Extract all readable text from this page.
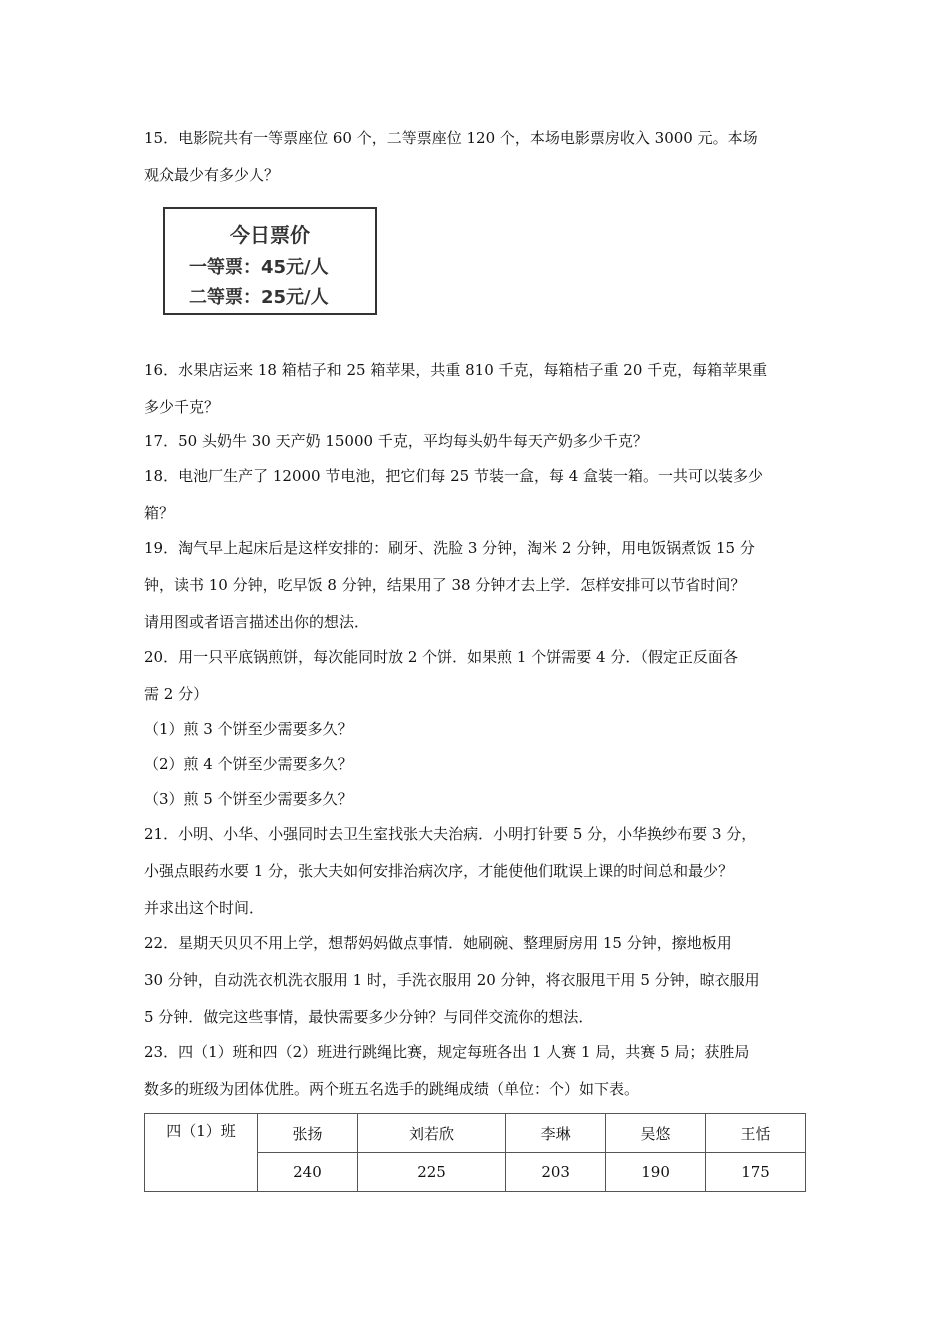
15．电影院共有一等票座位 60 个，二等票座位 120 个，本场电影票房收入 3000 元。本场
观众最少有多少人？
今日票价
一等票：45元/人
二等票：25元/人
16．水果店运来 18 箱桔子和 25 箱苹果，共重 810 千克，每箱桔子重 20 千克，每箱苹果重
多少千克？
17．50 头奶牛 30 天产奶 15000 千克，平均每头奶牛每天产奶多少千克？
18．电池厂生产了 12000 节电池，把它们每 25 节装一盒，每 4 盒装一箱。一共可以装多少
箱？
19．淘气早上起床后是这样安排的：刷牙、洗脸 3 分钟，淘米 2 分钟，用电饭锅煮饭 15 分
钟，读书 10 分钟，吃早饭 8 分钟，结果用了 38 分钟才去上学．怎样安排可以节省时间？
请用图或者语言描述出你的想法．
20．用一只平底锅煎饼，每次能同时放 2 个饼．如果煎 1 个饼需要 4 分．（假定正反面各
需 2 分）
（1）煎 3 个饼至少需要多久？
（2）煎 4 个饼至少需要多久？
（3）煎 5 个饼至少需要多久？
21．小明、小华、小强同时去卫生室找张大夫治病．小明打针要 5 分，小华换纱布要 3 分，
小强点眼药水要 1 分，张大夫如何安排治病次序，才能使他们耽误上课的时间总和最少？
并求出这个时间．
22．星期天贝贝不用上学，想帮妈妈做点事情．她刷碗、整理厨房用 15 分钟，擦地板用
30 分钟，自动洗衣机洗衣服用 1 时，手洗衣服用 20 分钟，将衣服甩干用 5 分钟，晾衣服用
5 分钟．做完这些事情，最快需要多少分钟？与同伴交流你的想法．
23．四（1）班和四（2）班进行跳绳比赛，规定每班各出 1 人赛 1 局，共赛 5 局；获胜局
数多的班级为团体优胜。两个班五名选手的跳绳成绩（单位：个）如下表。
四（1）班	张扬	刘若欣	李琳	吴悠	王恬
	240	225	203	190	175
